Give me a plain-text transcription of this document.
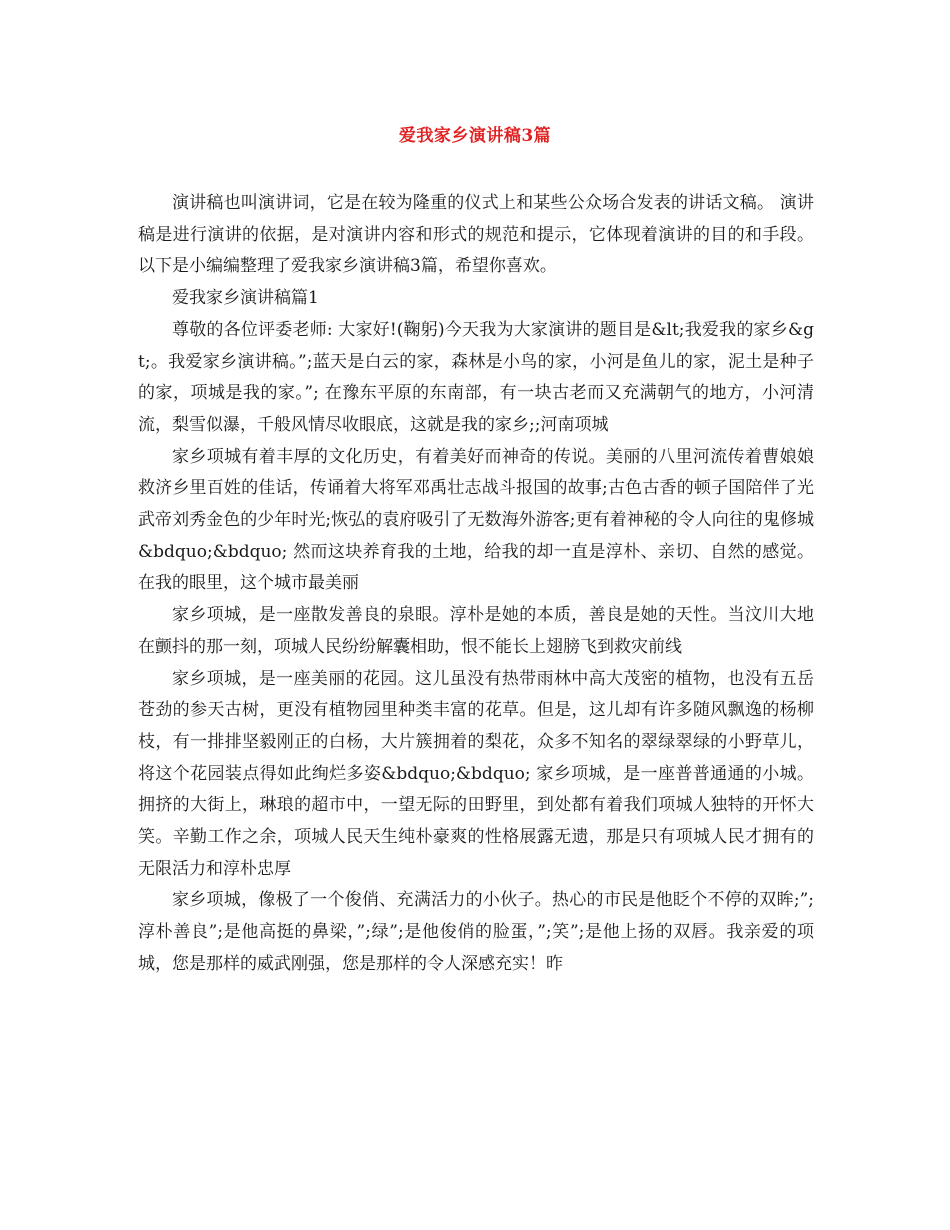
爱我家乡演讲稿3篇

演讲稿也叫演讲词，它是在较为隆重的仪式上和某些公众场合发表的讲话文稿。 演讲稿是进行演讲的依据，是对演讲内容和形式的规范和提示，它体现着演讲的目的和手段。以下是小编编整理了爱我家乡演讲稿3篇，希望你喜欢。

爱我家乡演讲稿篇1

尊敬的各位评委老师: 大家好!(鞠躬)今天我为大家演讲的题目是&lt;我爱我的家乡&gt;。我爱家乡演讲稿。”;蓝天是白云的家，森林是小鸟的家，小河是鱼儿的家，泥土是种子的家，项城是我的家。”; 在豫东平原的东南部，有一块古老而又充满朝气的地方，小河清流，梨雪似瀑，千般风情尽收眼底，这就是我的家乡;;河南项城

家乡项城有着丰厚的文化历史，有着美好而神奇的传说。美丽的八里河流传着曹娘娘救济乡里百姓的佳话，传诵着大将军邓禹壮志战斗报国的故事;古色古香的顿子国陪伴了光武帝刘秀金色的少年时光;恢弘的袁府吸引了无数海外游客;更有着神秘的令人向往的鬼修城&bdquo;&bdquo; 然而这块养育我的土地，给我的却一直是淳朴、亲切、自然的感觉。在我的眼里，这个城市最美丽

家乡项城，是一座散发善良的泉眼。淳朴是她的本质，善良是她的天性。当汶川大地在颤抖的那一刻，项城人民纷纷解囊相助，恨不能长上翅膀飞到救灾前线

家乡项城，是一座美丽的花园。这儿虽没有热带雨林中高大茂密的植物，也没有五岳苍劲的参天古树，更没有植物园里种类丰富的花草。但是，这儿却有许多随风飘逸的杨柳枝，有一排排坚毅刚正的白杨，大片簇拥着的梨花，众多不知名的翠绿翠绿的小野草儿，将这个花园装点得如此绚烂多姿&bdquo;&bdquo; 家乡项城，是一座普普通通的小城。拥挤的大街上，琳琅的超市中，一望无际的田野里，到处都有着我们项城人独特的开怀大笑。辛勤工作之余，项城人民天生纯朴豪爽的性格展露无遗，那是只有项城人民才拥有的无限活力和淳朴忠厚

家乡项城，像极了一个俊俏、充满活力的小伙子。热心的市民是他眨个不停的双眸;”;淳朴善良”;是他高挺的鼻梁，”;绿”;是他俊俏的脸蛋，”;笑”;是他上扬的双唇。我亲爱的项城，您是那样的威武刚强，您是那样的令人深感充实！昨
